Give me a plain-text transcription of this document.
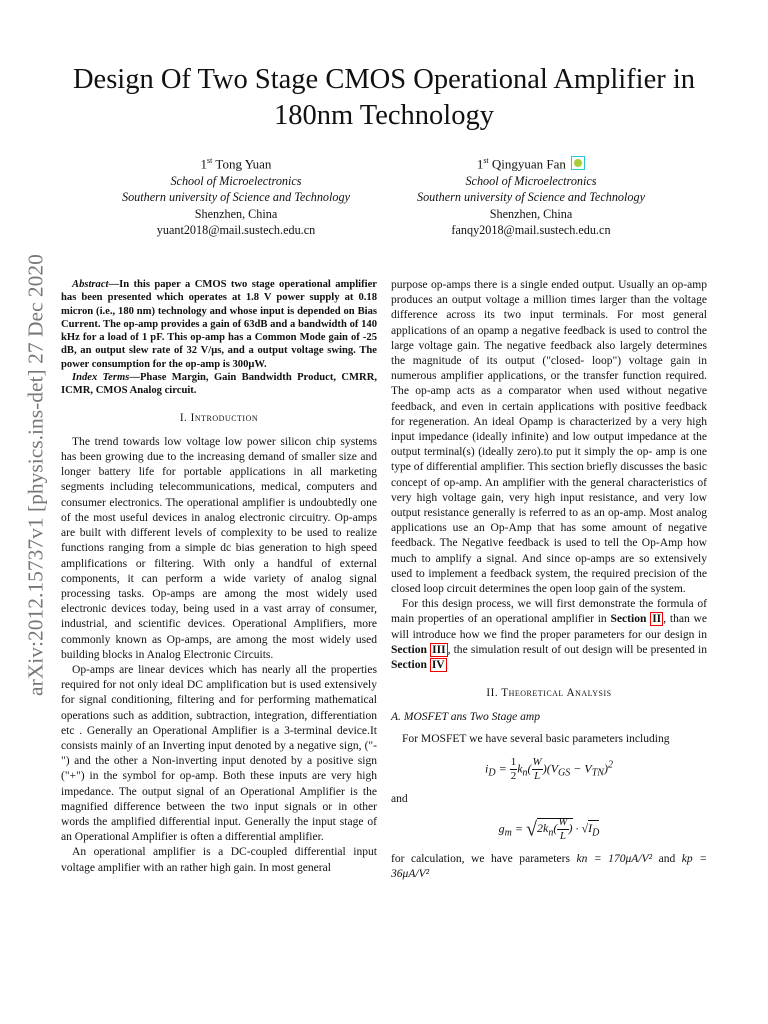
arXiv:2012.15737v1 [physics.ins-det] 27 Dec 2020
Design Of Two Stage CMOS Operational Amplifier in 180nm Technology
1st Tong Yuan
School of Microelectronics
Southern university of Science and Technology
Shenzhen, China
yuant2018@mail.sustech.edu.cn
1st Qingyuan Fan
School of Microelectronics
Southern university of Science and Technology
Shenzhen, China
fanqy2018@mail.sustech.edu.cn

Abstract—In this paper a CMOS two stage operational amplifier has been presented which operates at 1.8 V power supply at 0.18 micron (i.e., 180 nm) technology and whose input is depended on Bias Current. The op-amp provides a gain of 63dB and a bandwidth of 140 kHz for a load of 1 pF. This op-amp has a Common Mode gain of -25 dB, an output slew rate of 32 V/μs, and a output voltage swing. The power consumption for the op-amp is 300μW.

Index Terms—Phase Margin, Gain Bandwidth Product, CMRR, ICMR, CMOS Analog circuit.

I. Introduction

The trend towards low voltage low power silicon chip systems has been growing due to the increasing demand of smaller size and longer battery life for portable applications in all marketing segments including telecommunications, medical, computers and consumer electronics. The operational amplifier is undoubtedly one of the most useful devices in analog electronic circuitry. Op-amps are built with different levels of complexity to be used to realize functions ranging from a simple dc bias generation to high speed amplifications or filtering. With only a handful of external components, it can perform a wide variety of analog signal processing tasks. Op-amps are among the most widely used electronic devices today, being used in a vast array of consumer, industrial, and scientific devices. Operational Amplifiers, more commonly known as Op-amps, are among the most widely used building blocks in Analog Electronic Circuits.

Op-amps are linear devices which has nearly all the properties required for not only ideal DC amplification but is used extensively for signal conditioning, filtering and for performing mathematical operations such as addition, subtraction, integration, differentiation etc . Generally an Operational Amplifier is a 3-terminal device.It consists mainly of an Inverting input denoted by a negative sign, ("-") and the other a Non-inverting input denoted by a positive sign ("+") in the symbol for op-amp. Both these inputs are very high impedance. The output signal of an Operational Amplifier is the magnified difference between the two input signals or in other words the amplified differential input. Generally the input stage of an Operational Amplifier is often a differential amplifier.

An operational amplifier is a DC-coupled differential input voltage amplifier with an rather high gain. In most general

purpose op-amps there is a single ended output. Usually an op-amp produces an output voltage a million times larger than the voltage difference across its two input terminals. For most general applications of an opamp a negative feedback is used to control the large voltage gain. The negative feedback also largely determines the magnitude of its output ("closed- loop") voltage gain in numerous amplifier applications, or the transfer function required. The op-amp acts as a comparator when used without negative feedback, and even in certain applications with positive feedback for regeneration. An ideal Opamp is characterized by a very high input impedance (ideally infinite) and low output impedance at the output terminal(s) (ideally zero).to put it simply the op- amp is one type of differential amplifier. This section briefly discusses the basic concept of op-amp. An amplifier with the general characteristics of very high voltage gain, very high input resistance, and very low output resistance generally is referred to as an op-amp. Most analog applications use an Op-Amp that has some amount of negative feedback. The Negative feedback is used to tell the Op-Amp how much to amplify a signal. And since op-amps are so extensively used to implement a feedback system, the required precision of the closed loop circuit determines the open loop gain of the system.

For this design process, we will first demonstrate the formula of main properties of an operational amplifier in Section II , than we will introduce how we find the proper parameters for our design in Section III , the simulation result of out design will be presented in Section IV

II. Theoretical Analysis
A. MOSFET ans Two Stage amp

For MOSFET we have several basic parameters including

$i_D = \frac{1}{2} k_n( \frac{W}{L} )(V_{GS} - V_{TN})^2$

and

$g_m = √2k_n( \frac{W}{L}$ ) · $√I_D$

for calculation, we have parameters kn = 170μA/V² and kp = 36μA/V²
